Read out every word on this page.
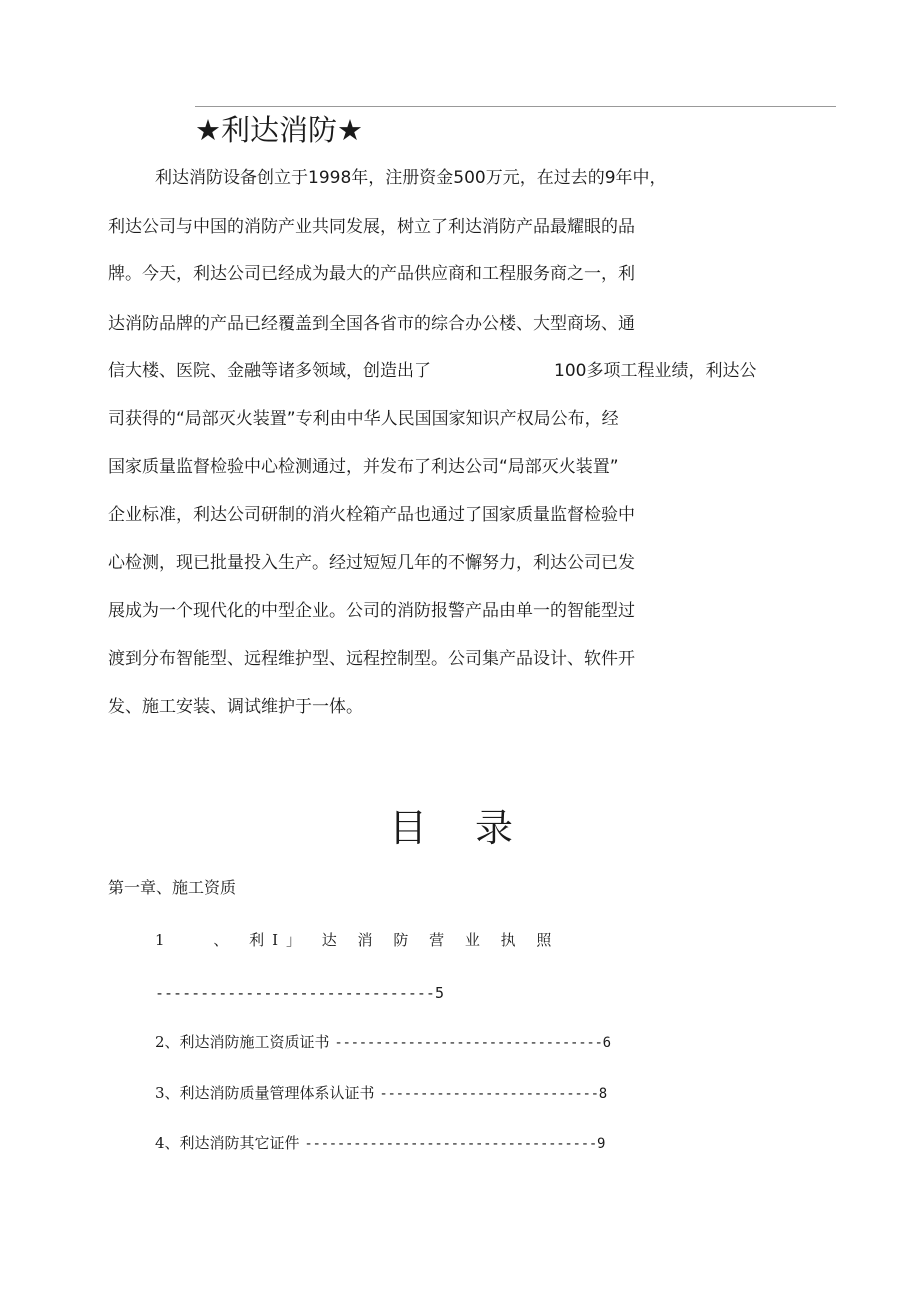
★利达消防★
利达消防设备创立于1998年，注册资金500万元，在过去的9年中，
利达公司与中国的消防产业共同发展，树立了利达消防产品最耀眼的品
牌。今天，利达公司已经成为最大的产品供应商和工程服务商之一，利
达消防品牌的产品已经覆盖到全国各省市的综合办公楼、大型商场、通
信大楼、医院、金融等诸多领域，创造出了	100多项工程业绩，利达公
司获得的“局部灭火装置”专利由中华人民国国家知识产权局公布，经
国家质量监督检验中心检测通过，并发布了利达公司“局部灭火装置”
企业标准，利达公司研制的消火栓箱产品也通过了国家质量监督检验中
心检测，现已批量投入生产。经过短短几年的不懈努力，利达公司已发
展成为一个现代化的中型企业。公司的消防报警产品由单一的智能型过
渡到分布智能型、远程维护型、远程控制型。公司集产品设计、软件开
发、施工安装、调试维护于一体。
目 录
第一章、施工资质
1	、 利I」 达 消 防 营 业 执 照
-------------------------------5
2、利达消防施工资质证书 ---------------------------------6
3、利达消防质量管理体系认证书 ---------------------------8
4、利达消防其它证件 ------------------------------------9
